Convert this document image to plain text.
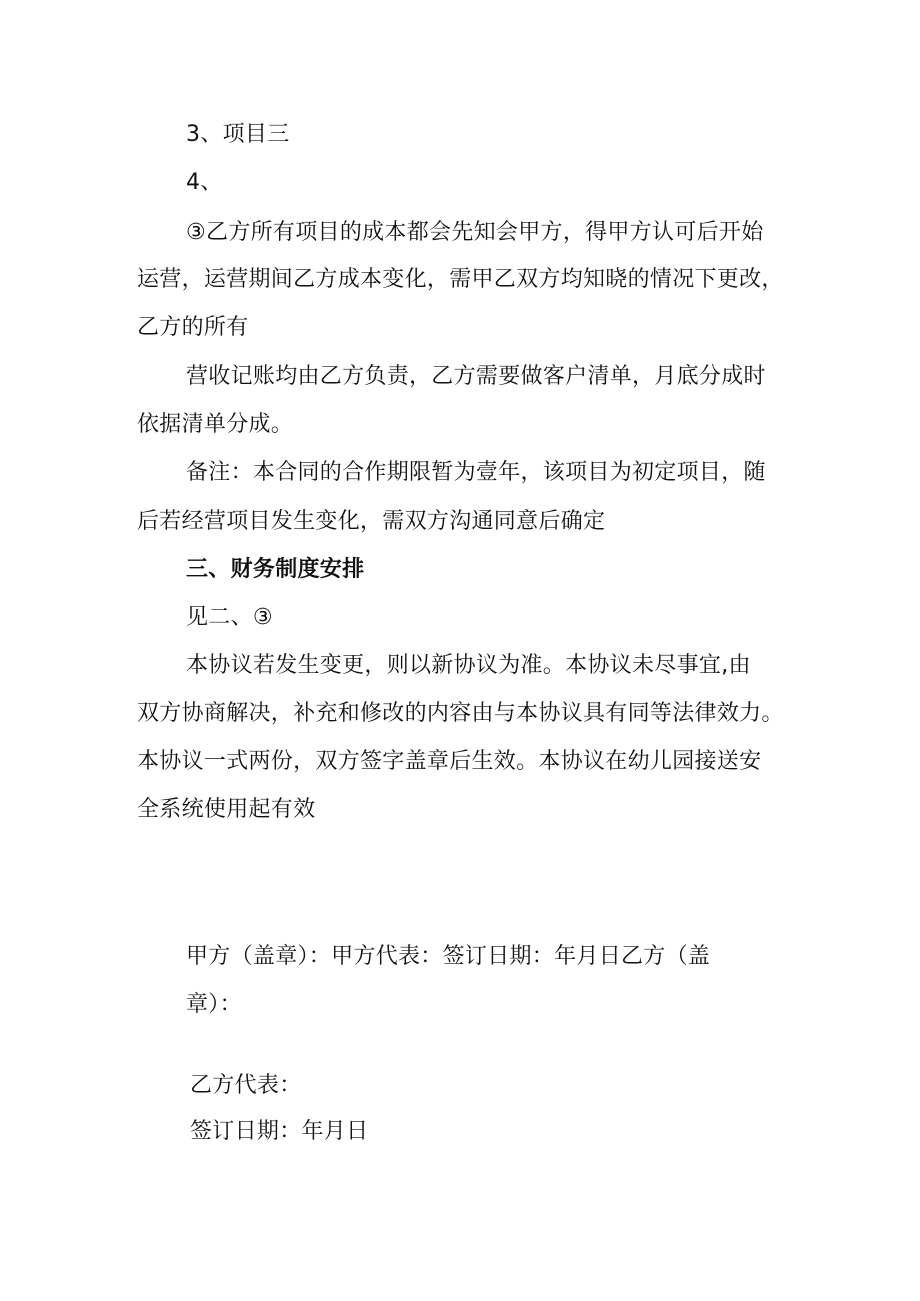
3、项目三
4、
③乙方所有项目的成本都会先知会甲方，得甲方认可后开始
运营，运营期间乙方成本变化，需甲乙双方均知晓的情况下更改，
乙方的所有
营收记账均由乙方负责，乙方需要做客户清单，月底分成时
依据清单分成。
备注：本合同的合作期限暂为壹年，该项目为初定项目，随
后若经营项目发生变化，需双方沟通同意后确定
三、财务制度安排
见二、③
本协议若发生变更，则以新协议为准。本协议未尽事宜,由
双方协商解决，补充和修改的内容由与本协议具有同等法律效力。
本协议一式两份，双方签字盖章后生效。本协议在幼儿园接送安
全系统使用起有效
甲方（盖章）：甲方代表：签订日期：年月日乙方（盖
章）：
乙方代表：
签订日期：年月日
